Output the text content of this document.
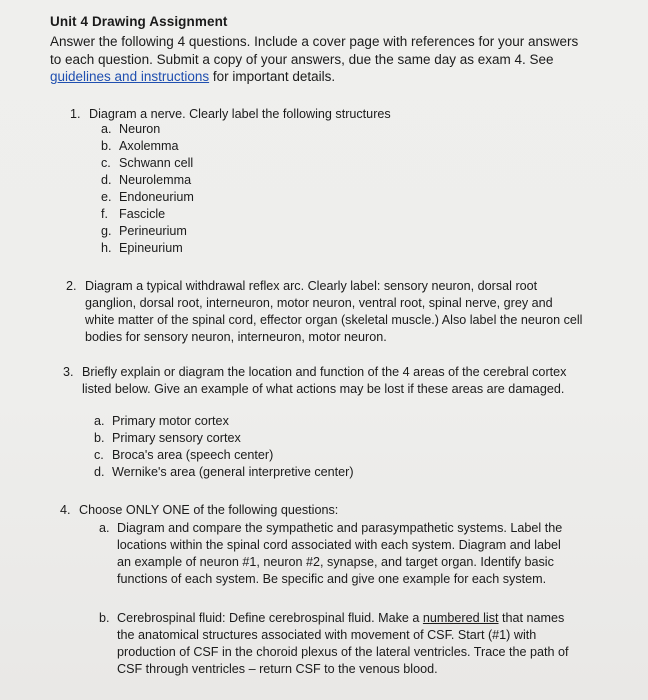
Unit 4 Drawing Assignment
Answer the following 4 questions. Include a cover page with references for your answers to each question. Submit a copy of your answers, due the same day as exam 4. See guidelines and instructions for important details.
1. Diagram a nerve. Clearly label the following structures
a. Neuron
b. Axolemma
c. Schwann cell
d. Neurolemma
e. Endoneurium
f. Fascicle
g. Perineurium
h. Epineurium
2. Diagram a typical withdrawal reflex arc. Clearly label: sensory neuron, dorsal root ganglion, dorsal root, interneuron, motor neuron, ventral root, spinal nerve, grey and white matter of the spinal cord, effector organ (skeletal muscle.) Also label the neuron cell bodies for sensory neuron, interneuron, motor neuron.
3. Briefly explain or diagram the location and function of the 4 areas of the cerebral cortex listed below. Give an example of what actions may be lost if these areas are damaged.
a. Primary motor cortex
b. Primary sensory cortex
c. Broca's area (speech center)
d. Wernike's area (general interpretive center)
4. Choose ONLY ONE of the following questions:
a. Diagram and compare the sympathetic and parasympathetic systems. Label the locations within the spinal cord associated with each system. Diagram and label an example of neuron #1, neuron #2, synapse, and target organ. Identify basic functions of each system. Be specific and give one example for each system.
b. Cerebrospinal fluid: Define cerebrospinal fluid. Make a numbered list that names the anatomical structures associated with movement of CSF. Start (#1) with production of CSF in the choroid plexus of the lateral ventricles. Trace the path of CSF through ventricles – return CSF to the venous blood.
